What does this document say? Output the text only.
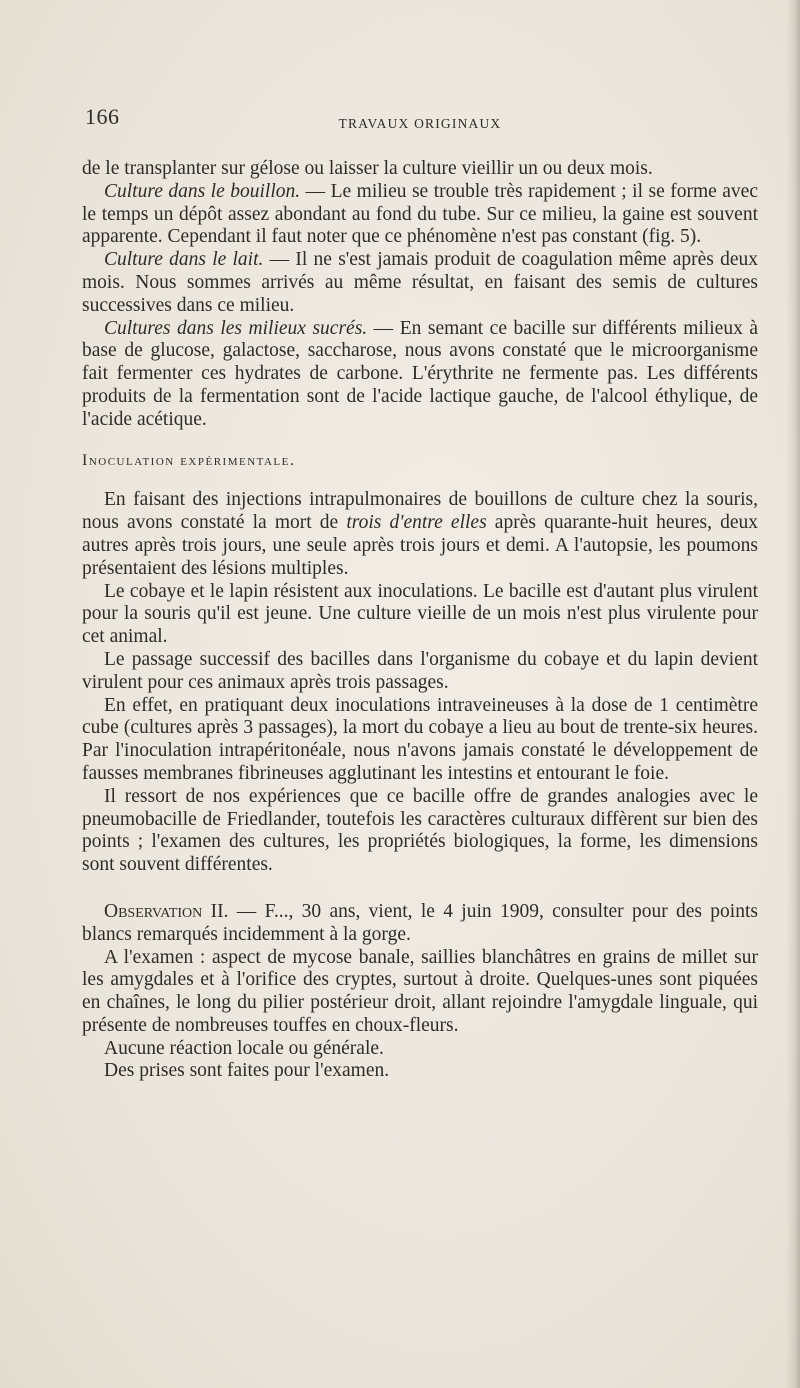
166	TRAVAUX ORIGINAUX

de le transplanter sur gélose ou laisser la culture vieillir un ou deux mois.

Culture dans le bouillon. — Le milieu se trouble très rapidement ; il se forme avec le temps un dépôt assez abondant au fond du tube. Sur ce milieu, la gaine est souvent apparente. Cependant il faut noter que ce phénomène n'est pas constant (fig. 5).

Culture dans le lait. — Il ne s'est jamais produit de coagulation même après deux mois. Nous sommes arrivés au même résultat, en faisant des semis de cultures successives dans ce milieu.

Cultures dans les milieux sucrés. — En semant ce bacille sur différents milieux à base de glucose, galactose, saccharose, nous avons constaté que le microorganisme fait fermenter ces hydrates de carbone. L'érythrite ne fermente pas. Les différents produits de la fermentation sont de l'acide lactique gauche, de l'alcool éthylique, de l'acide acétique.

Inoculation expérimentale.

En faisant des injections intrapulmonaires de bouillons de culture chez la souris, nous avons constaté la mort de trois d'entre elles après quarante-huit heures, deux autres après trois jours, une seule après trois jours et demi. A l'autopsie, les poumons présentaient des lésions multiples.

Le cobaye et le lapin résistent aux inoculations. Le bacille est d'autant plus virulent pour la souris qu'il est jeune. Une culture vieille de un mois n'est plus virulente pour cet animal.

Le passage successif des bacilles dans l'organisme du cobaye et du lapin devient virulent pour ces animaux après trois passages.

En effet, en pratiquant deux inoculations intraveineuses à la dose de 1 centimètre cube (cultures après 3 passages), la mort du cobaye a lieu au bout de trente-six heures. Par l'inoculation intrapéritonéale, nous n'avons jamais constaté le développement de fausses membranes fibrineuses agglutinant les intestins et entourant le foie.

Il ressort de nos expériences que ce bacille offre de grandes analogies avec le pneumobacille de Friedlander, toutefois les caractères culturaux diffèrent sur bien des points ; l'examen des cultures, les propriétés biologiques, la forme, les dimensions sont souvent différentes.

Observation II. — F..., 30 ans, vient, le 4 juin 1909, consulter pour des points blancs remarqués incidemment à la gorge.

A l'examen : aspect de mycose banale, saillies blanchâtres en grains de millet sur les amygdales et à l'orifice des cryptes, surtout à droite. Quelques-unes sont piquées en chaînes, le long du pilier postérieur droit, allant rejoindre l'amygdale linguale, qui présente de nombreuses touffes en choux-fleurs.

Aucune réaction locale ou générale.

Des prises sont faites pour l'examen.
